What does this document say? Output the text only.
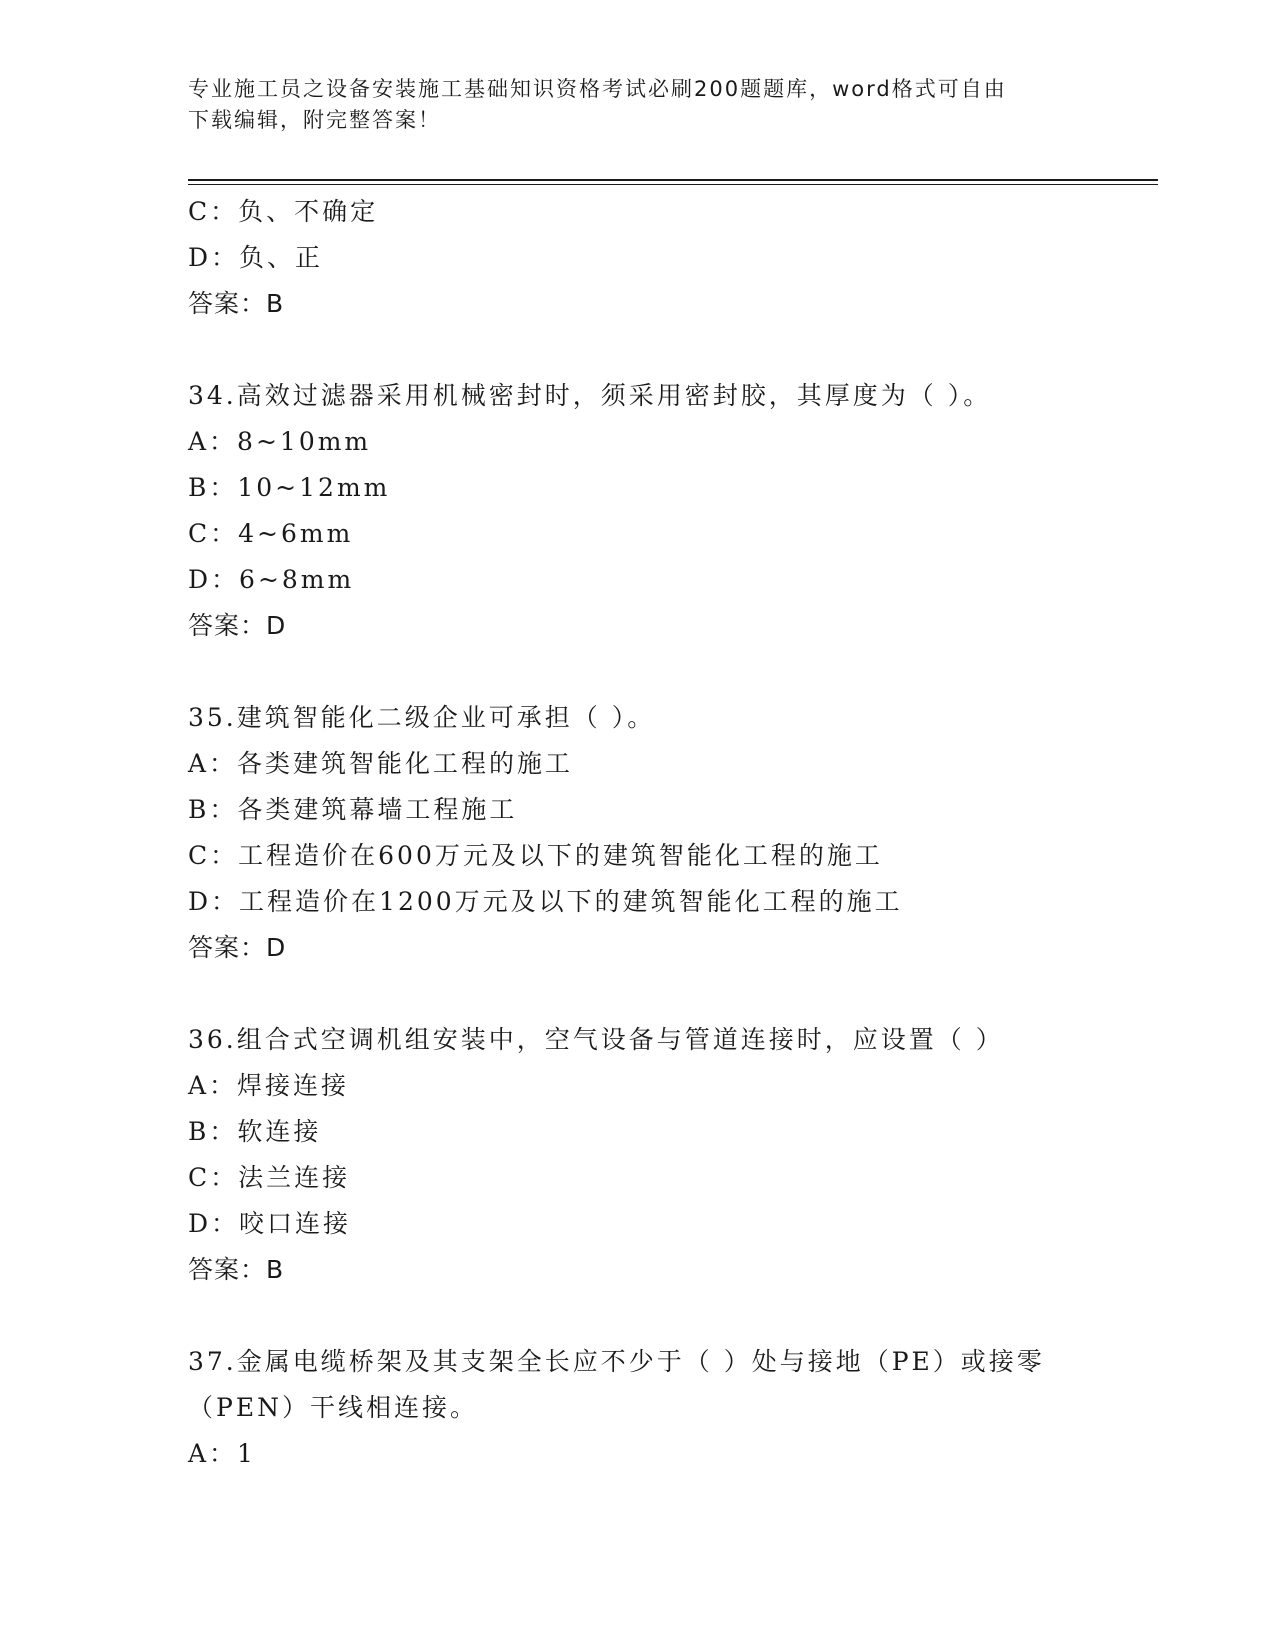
专业施工员之设备安装施工基础知识资格考试必刷200题题库，word格式可自由
下载编辑，附完整答案！
C：负、不确定
D：负、正
答案：B
34.高效过滤器采用机械密封时，须采用密封胶，其厚度为（ ）。
A：8~10mm
B：10~12mm
C：4~6mm
D：6~8mm
答案：D
35.建筑智能化二级企业可承担（ ）。
A：各类建筑智能化工程的施工
B：各类建筑幕墙工程施工
C：工程造价在600万元及以下的建筑智能化工程的施工
D：工程造价在1200万元及以下的建筑智能化工程的施工
答案：D
36.组合式空调机组安装中，空气设备与管道连接时，应设置（ ）
A：焊接连接
B：软连接
C：法兰连接
D：咬口连接
答案：B
37.金属电缆桥架及其支架全长应不少于（ ）处与接地（PE）或接零
（PEN）干线相连接。
A：1
